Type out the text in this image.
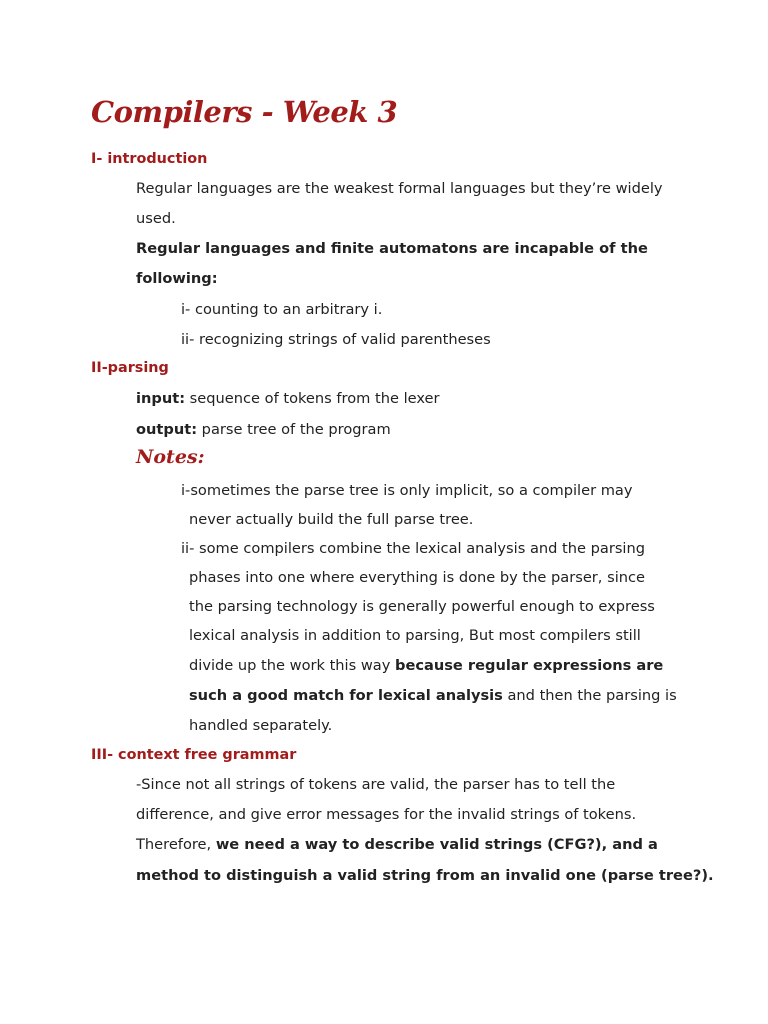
Compilers - Week 3
I- introduction
Regular languages are the weakest formal languages but they’re widely
used.
Regular languages and finite automatons are incapable of the
following:
i- counting to an arbitrary i.
ii- recognizing strings of valid parentheses
II-parsing
input: sequence of tokens from the lexer
output: parse tree of the program
Notes:
i-sometimes the parse tree is only implicit, so a compiler may
never actually build the full parse tree.
ii- some compilers combine the lexical analysis and the parsing
phases into one where everything is done by the parser, since
the parsing technology is generally powerful enough to express
lexical analysis in addition to parsing, But most compilers still
divide up the work this way because regular expressions are
such a good match for lexical analysis and then the parsing is
handled separately.
III- context free grammar
-Since not all strings of tokens are valid, the parser has to tell the
difference, and give error messages for the invalid strings of tokens.
Therefore, we need a way to describe valid strings (CFG?), and a
method to distinguish a valid string from an invalid one (parse tree?).
